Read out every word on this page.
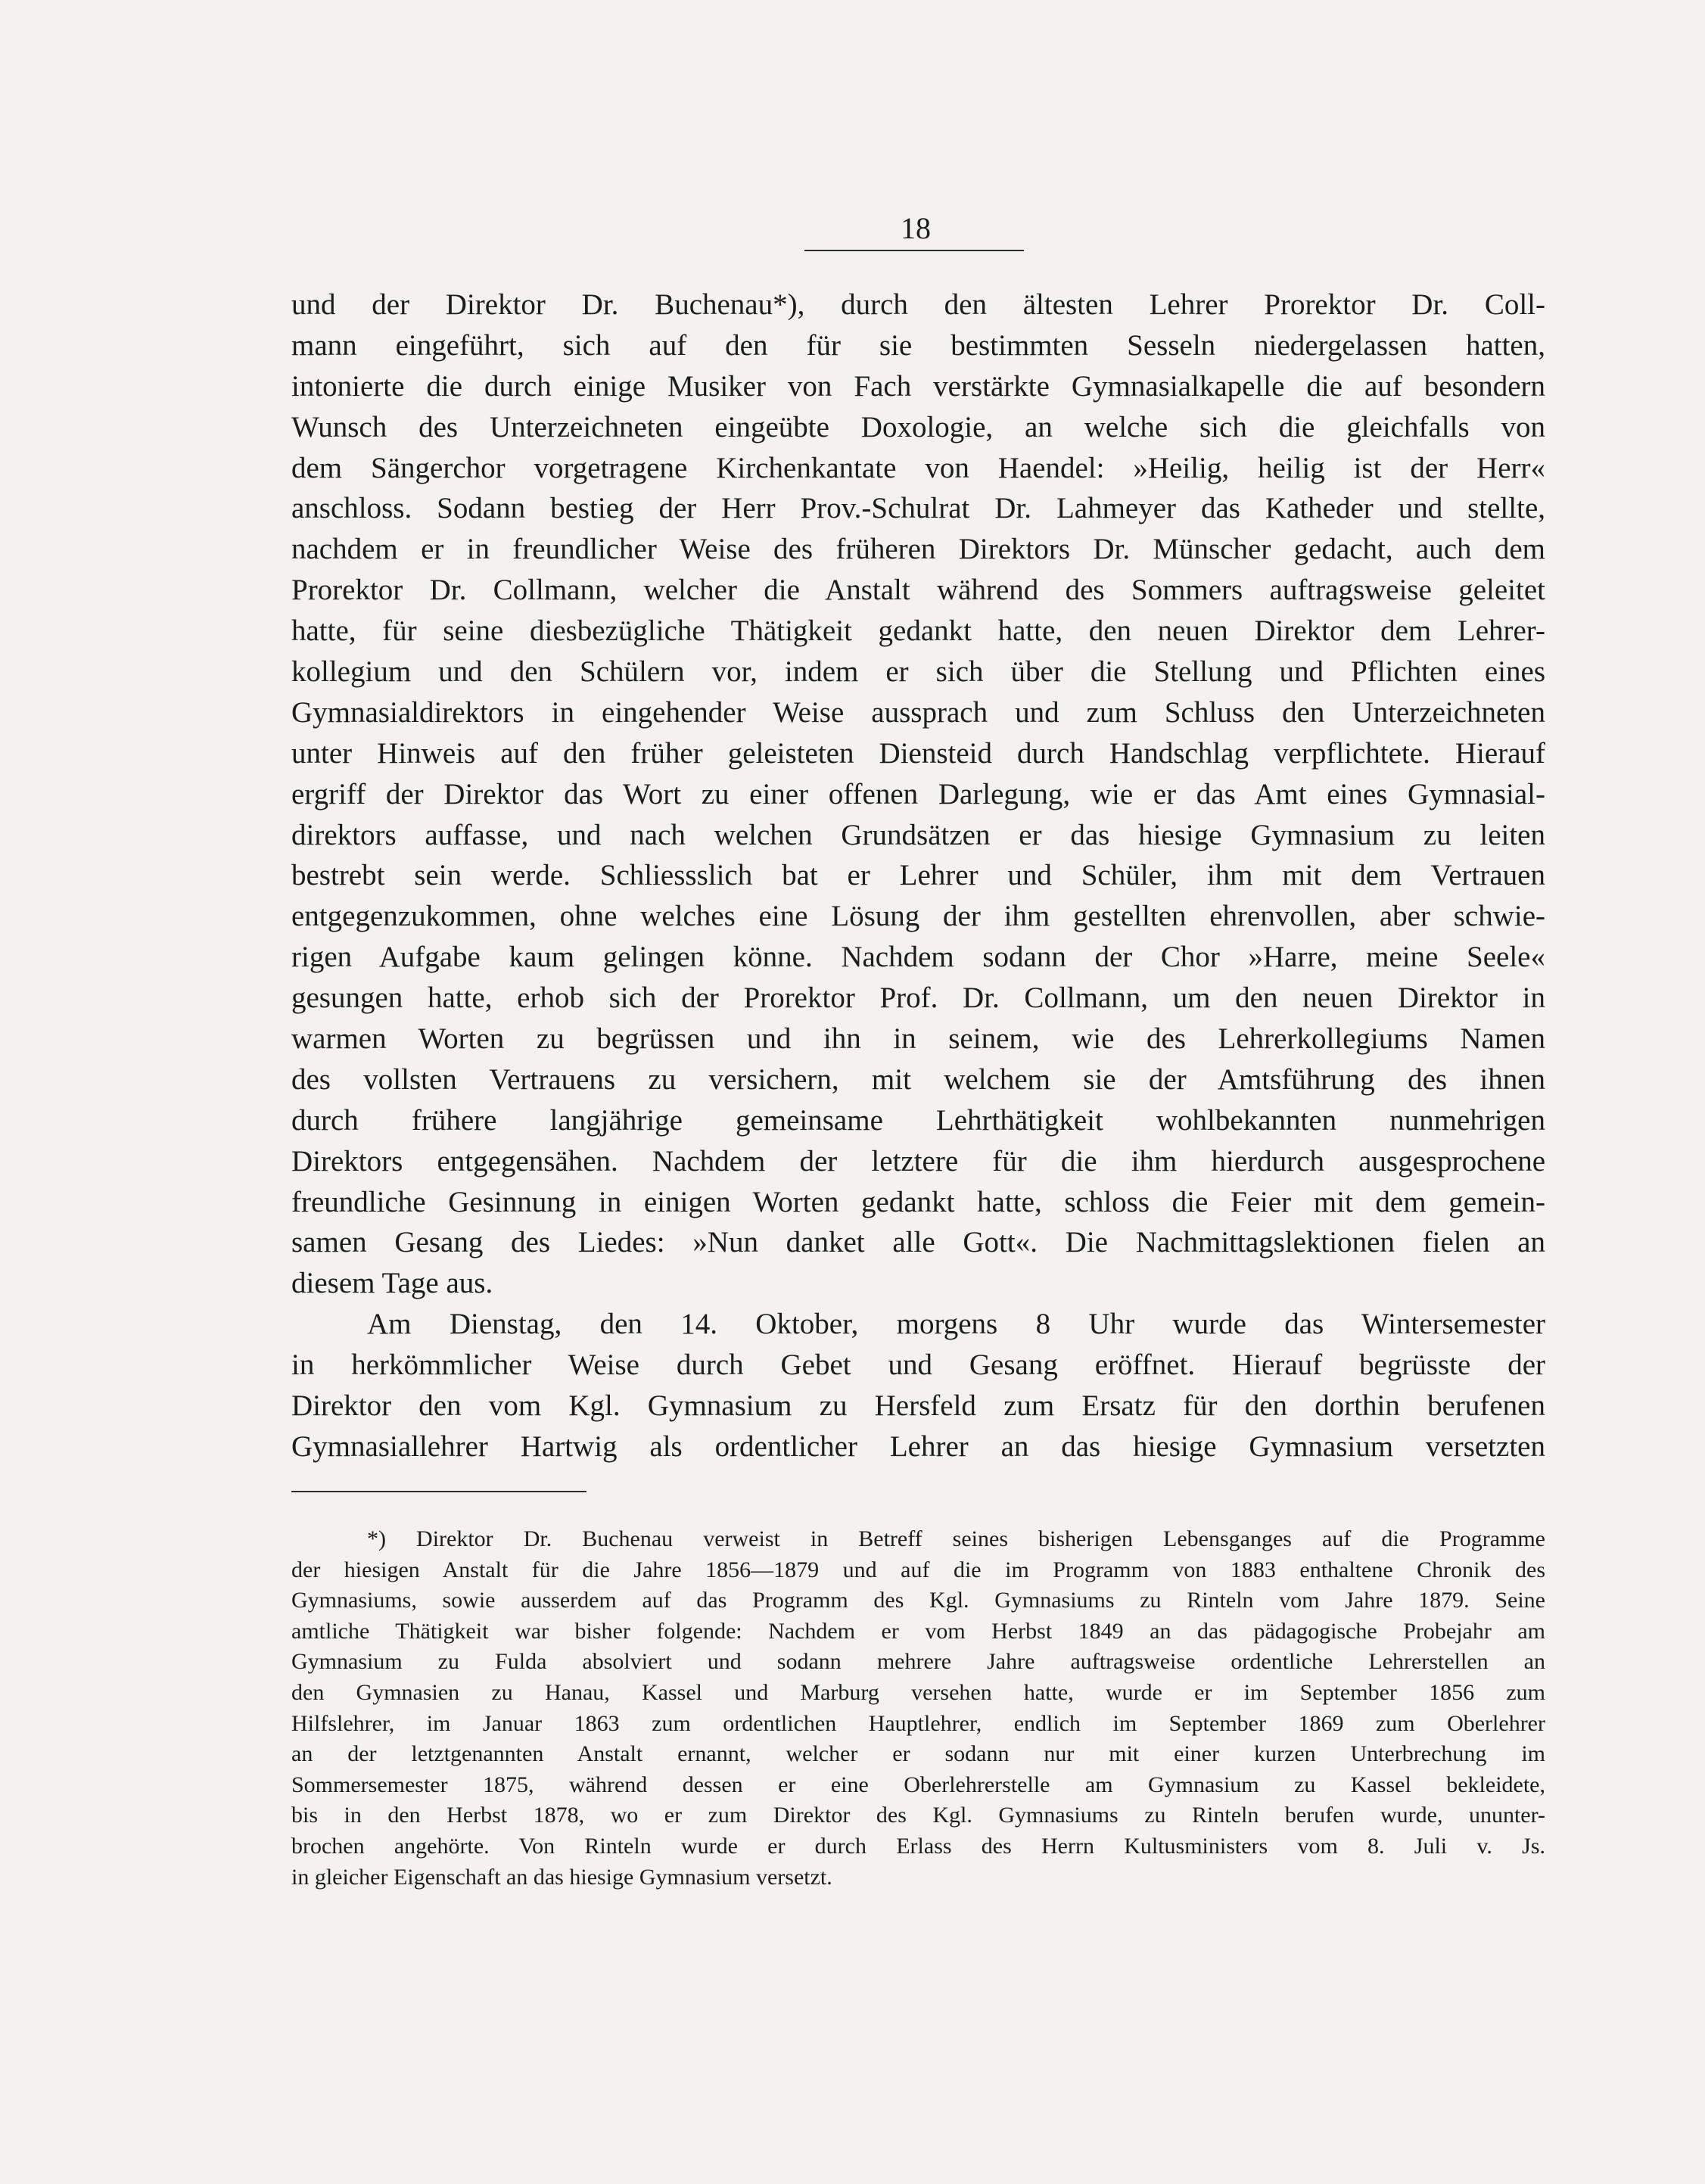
18
und der Direktor Dr. Buchenau*), durch den ältesten Lehrer Prorektor Dr. Coll-
mann eingeführt, sich auf den für sie bestimmten Sesseln niedergelassen hatten,
intonierte die durch einige Musiker von Fach verstärkte Gymnasialkapelle die auf besondern
Wunsch des Unterzeichneten eingeübte Doxologie, an welche sich die gleichfalls von
dem Sängerchor vorgetragene Kirchenkantate von Haendel: »Heilig, heilig ist der Herr«
anschloss. Sodann bestieg der Herr Prov.-Schulrat Dr. Lahmeyer das Katheder und stellte,
nachdem er in freundlicher Weise des früheren Direktors Dr. Münscher gedacht, auch dem
Prorektor Dr. Collmann, welcher die Anstalt während des Sommers auftragsweise geleitet
hatte, für seine diesbezügliche Thätigkeit gedankt hatte, den neuen Direktor dem Lehrer-
kollegium und den Schülern vor, indem er sich über die Stellung und Pflichten eines
Gymnasialdirektors in eingehender Weise aussprach und zum Schluss den Unterzeichneten
unter Hinweis auf den früher geleisteten Diensteid durch Handschlag verpflichtete. Hierauf
ergriff der Direktor das Wort zu einer offenen Darlegung, wie er das Amt eines Gymnasial-
direktors auffasse, und nach welchen Grundsätzen er das hiesige Gymnasium zu leiten
bestrebt sein werde. Schliessslich bat er Lehrer und Schüler, ihm mit dem Vertrauen
entgegenzukommen, ohne welches eine Lösung der ihm gestellten ehrenvollen, aber schwie-
rigen Aufgabe kaum gelingen könne. Nachdem sodann der Chor »Harre, meine Seele«
gesungen hatte, erhob sich der Prorektor Prof. Dr. Collmann, um den neuen Direktor in
warmen Worten zu begrüssen und ihn in seinem, wie des Lehrerkollegiums Namen
des vollsten Vertrauens zu versichern, mit welchem sie der Amtsführung des ihnen
durch frühere langjährige gemeinsame Lehrthätigkeit wohlbekannten nunmehrigen
Direktors entgegensähen. Nachdem der letztere für die ihm hierdurch ausgesprochene
freundliche Gesinnung in einigen Worten gedankt hatte, schloss die Feier mit dem gemein-
samen Gesang des Liedes: »Nun danket alle Gott«. Die Nachmittagslektionen fielen an
diesem Tage aus.
Am Dienstag, den 14. Oktober, morgens 8 Uhr wurde das Wintersemester
in herkömmlicher Weise durch Gebet und Gesang eröffnet. Hierauf begrüsste der
Direktor den vom Kgl. Gymnasium zu Hersfeld zum Ersatz für den dorthin berufenen
Gymnasiallehrer Hartwig als ordentlicher Lehrer an das hiesige Gymnasium versetzten
*) Direktor Dr. Buchenau verweist in Betreff seines bisherigen Lebensganges auf die Programme
der hiesigen Anstalt für die Jahre 1856—1879 und auf die im Programm von 1883 enthaltene Chronik des
Gymnasiums, sowie ausserdem auf das Programm des Kgl. Gymnasiums zu Rinteln vom Jahre 1879. Seine
amtliche Thätigkeit war bisher folgende: Nachdem er vom Herbst 1849 an das pädagogische Probejahr am
Gymnasium zu Fulda absolviert und sodann mehrere Jahre auftragsweise ordentliche Lehrerstellen an
den Gymnasien zu Hanau, Kassel und Marburg versehen hatte, wurde er im September 1856 zum
Hilfslehrer, im Januar 1863 zum ordentlichen Hauptlehrer, endlich im September 1869 zum Oberlehrer
an der letztgenannten Anstalt ernannt, welcher er sodann nur mit einer kurzen Unterbrechung im
Sommersemester 1875, während dessen er eine Oberlehrerstelle am Gymnasium zu Kassel bekleidete,
bis in den Herbst 1878, wo er zum Direktor des Kgl. Gymnasiums zu Rinteln berufen wurde, ununter-
brochen angehörte. Von Rinteln wurde er durch Erlass des Herrn Kultusministers vom 8. Juli v. Js.
in gleicher Eigenschaft an das hiesige Gymnasium versetzt.
